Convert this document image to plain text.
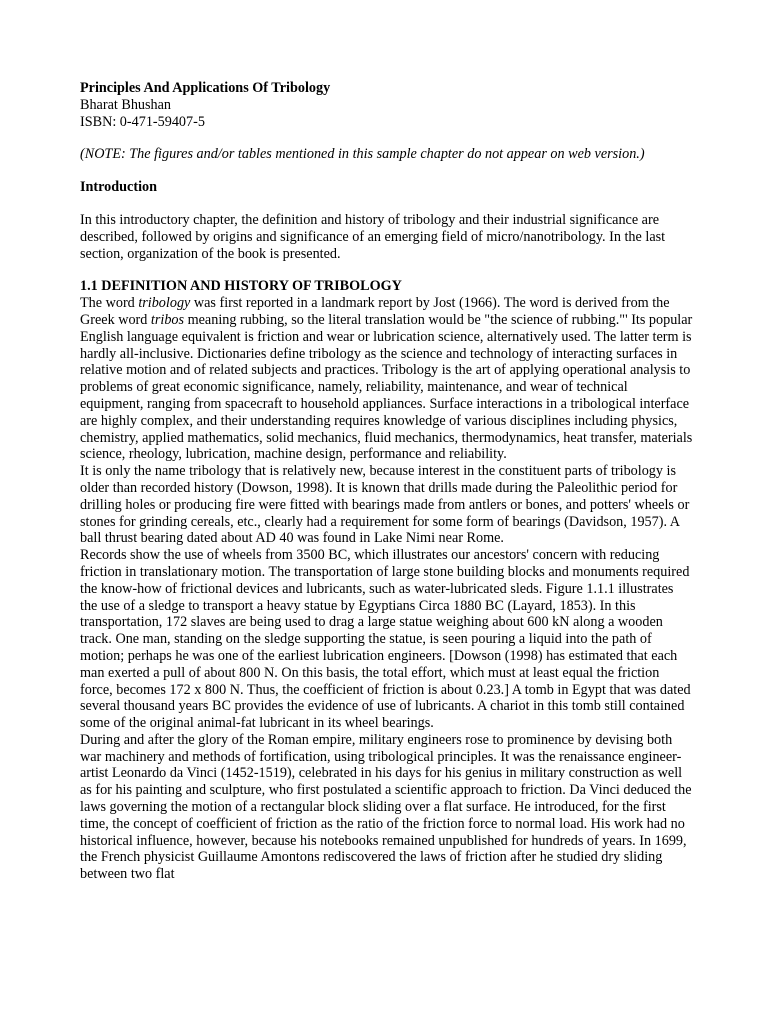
Principles And Applications Of Tribology

Bharat Bhushan

ISBN: 0-471-59407-5

(NOTE: The figures and/or tables mentioned in this sample chapter do not appear on web version.)

Introduction

In this introductory chapter, the definition and history of tribology and their industrial significance are described, followed by origins and significance of an emerging field of micro/nanotribology. In the last section, organization of the book is presented.

1.1 DEFINITION AND HISTORY OF TRIBOLOGY

The word tribology was first reported in a landmark report by Jost (1966). The word is derived from the Greek word tribos meaning rubbing, so the literal translation would be "the science of rubbing."' Its popular English language equivalent is friction and wear or lubrication science, alternatively used. The latter term is hardly all-inclusive. Dictionaries define tribology as the science and technology of interacting surfaces in relative motion and of related subjects and practices. Tribology is the art of applying operational analysis to problems of great economic significance, namely, reliability, maintenance, and wear of technical equipment, ranging from spacecraft to household appliances. Surface interactions in a tribological interface are highly complex, and their understanding requires knowledge of various disciplines including physics, chemistry, applied mathematics, solid mechanics, fluid mechanics, thermodynamics, heat transfer, materials science, rheology, lubrication, machine design, performance and reliability.

It is only the name tribology that is relatively new, because interest in the constituent parts of tribology is older than recorded history (Dowson, 1998). It is known that drills made during the Paleolithic period for drilling holes or producing fire were fitted with bearings made from antlers or bones, and potters' wheels or stones for grinding cereals, etc., clearly had a requirement for some form of bearings (Davidson, 1957). A ball thrust bearing dated about AD 40 was found in Lake Nimi near Rome.

Records show the use of wheels from 3500 BC, which illustrates our ancestors' concern with reducing friction in translationary motion. The transportation of large stone building blocks and monuments required the know-how of frictional devices and lubricants, such as water-lubricated sleds. Figure 1.1.1 illustrates the use of a sledge to transport a heavy statue by Egyptians Circa 1880 BC (Layard, 1853). In this transportation, 172 slaves are being used to drag a large statue weighing about 600 kN along a wooden track. One man, standing on the sledge supporting the statue, is seen pouring a liquid into the path of motion; perhaps he was one of the earliest lubrication engineers. [Dowson (1998) has estimated that each man exerted a pull of about 800 N. On this basis, the total effort, which must at least equal the friction force, becomes 172 x 800 N. Thus, the coefficient of friction is about 0.23.] A tomb in Egypt that was dated several thousand years BC provides the evidence of use of lubricants. A chariot in this tomb still contained some of the original animal-fat lubricant in its wheel bearings.

During and after the glory of the Roman empire, military engineers rose to prominence by devising both war machinery and methods of fortification, using tribological principles. It was the renaissance engineer-artist Leonardo da Vinci (1452-1519), celebrated in his days for his genius in military construction as well as for his painting and sculpture, who first postulated a scientific approach to friction. Da Vinci deduced the laws governing the motion of a rectangular block sliding over a flat surface. He introduced, for the first time, the concept of coefficient of friction as the ratio of the friction force to normal load. His work had no historical influence, however, because his notebooks remained unpublished for hundreds of years. In 1699, the French physicist Guillaume Amontons rediscovered the laws of friction after he studied dry sliding between two flat
